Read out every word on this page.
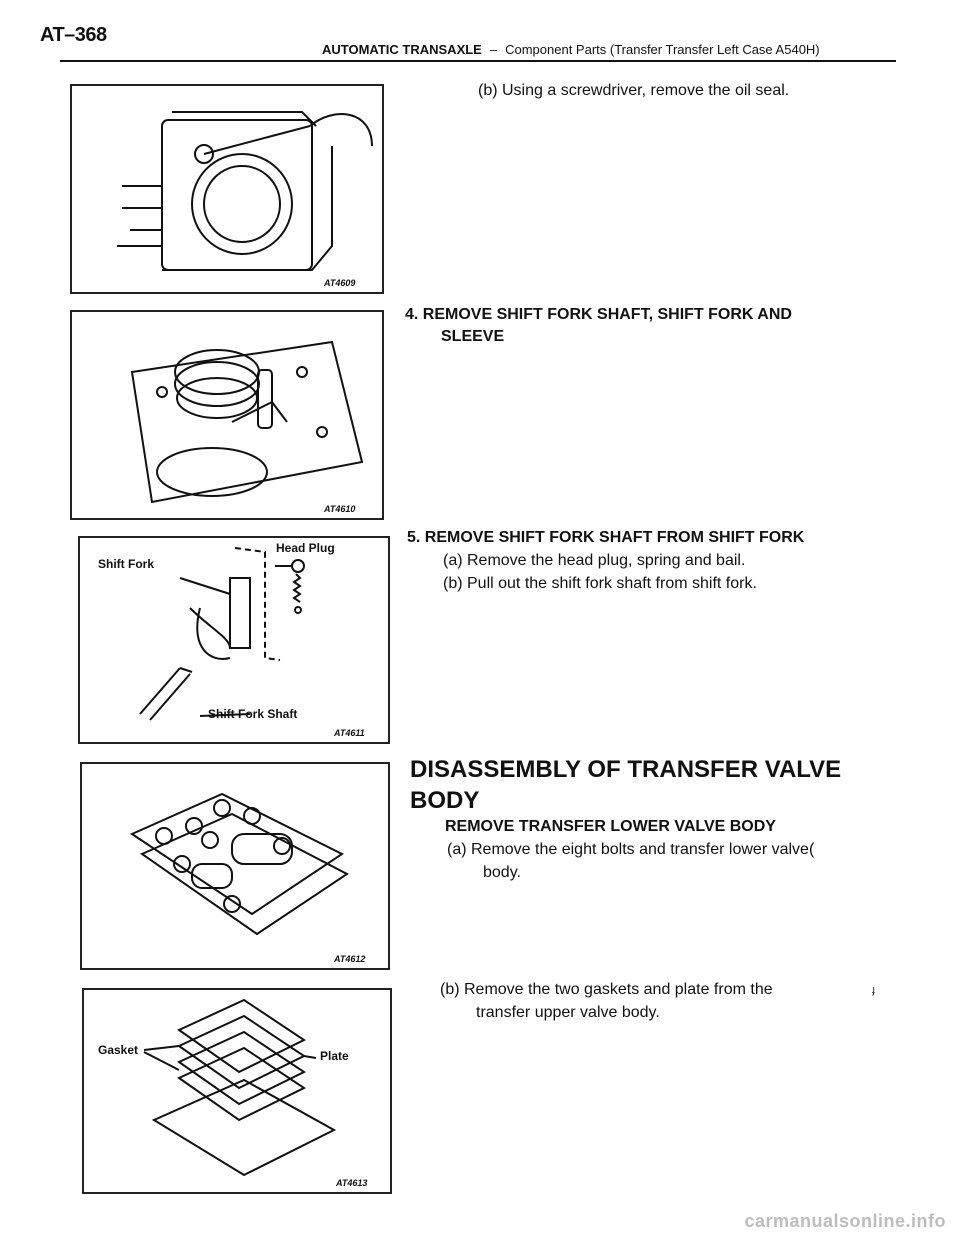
AT–368
AUTOMATIC TRANSAXLE – Component Parts (Transfer Transfer Left Case A540H)
AT4609
(b) Using a screwdriver, remove the oil seal.
AT4610
4. REMOVE SHIFT FORK SHAFT, SHIFT FORK AND
SLEEVE
Shift Fork
Head Plug
Shift Fork Shaft
AT4611
5. REMOVE SHIFT FORK SHAFT FROM SHIFT FORK
(a) Remove the head plug, spring and bail.
(b) Pull out the shift fork shaft from shift fork.
AT4612
DISASSEMBLY OF TRANSFER VALVE
BODY
REMOVE TRANSFER LOWER VALVE BODY
(a) Remove the eight bolts and transfer lower valve(
body.
Gasket	Plate
AT4613
(b) Remove the two gaskets and plate from the
transfer upper valve body.
ɟ
carmanualsonline.info
